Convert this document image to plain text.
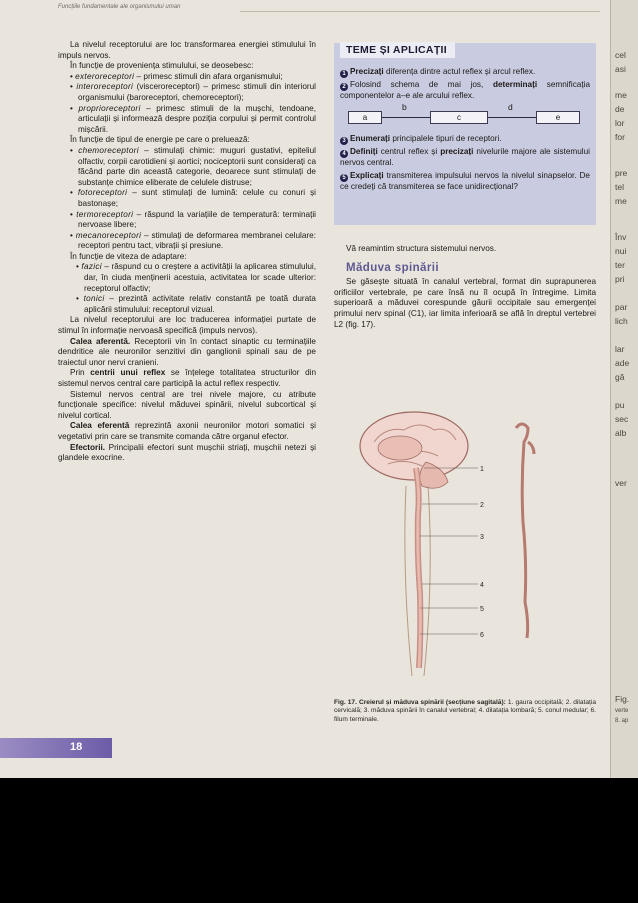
Funcțiile fundamentale ale organismului uman

La nivelul receptorului are loc transformarea energiei stimulului în impuls nervos.

În funcție de proveniența stimulului, se deosebesc:

• exteroreceptori – primesc stimuli din afara organismului;

• interoreceptori (visceroreceptori) – primesc stimuli din interiorul organismului (baroreceptori, chemoreceptori);

• proprioreceptori – primesc stimuli de la mușchi, tendoane, articulații și informează despre poziția corpului și permit controlul mișcării.

În funcție de tipul de energie pe care o preluează:

• chemoreceptori – stimulați chimic: muguri gustativi, epiteliul olfactiv, corpii carotidieni și aortici; nociceptorii sunt considerați ca făcând parte din această categorie, deoarece sunt stimulați de substanțe chimice eliberate de celulele distruse;

• fotoreceptori – sunt stimulați de lumină: celule cu conuri și bastonașe;

• termoreceptori – răspund la variațiile de temperatură: terminații nervoase libere;

• mecanoreceptori – stimulați de deformarea membranei celulare: receptori pentru tact, vibrații și presiune.

În funcție de viteza de adaptare:

• fazici – răspund cu o creștere a activității la aplicarea stimulului, dar, în ciuda menținerii acestuia, activitatea lor scade ulterior: receptorul olfactiv;

• tonici – prezintă activitate relativ constantă pe toată durata aplicării stimulului: receptorul vizual.

La nivelul receptorului are loc traducerea informației purtate de stimul în informație nervoasă specifică (impuls nervos).

Calea aferentă. Receptorii vin în contact sinaptic cu terminațiile dendritice ale neuronilor senzitivi din ganglionii spinali sau de pe traiectul unor nervi cranieni.

Prin centrii unui reflex se înțelege totalitatea structurilor din sistemul nervos central care participă la actul reflex respectiv.

Sistemul nervos central are trei nivele majore, cu atribute funcționale specifice: nivelul măduvei spinării, nivelul subcortical și nivelul cortical.

Calea eferentă reprezintă axonii neuronilor motori somatici și vegetativi prin care se transmite comanda către organul efector.

Efectorii. Principalii efectori sunt mușchii striați, mușchii netezi și glandele exocrine.

TEME ȘI APLICAȚII

1 Precizați diferența dintre actul reflex și arcul reflex.

2 Folosind schema de mai jos, determinați semnificația componentelor a–e ale arcului reflex.

a
b
c
d
e

3 Enumerați principalele tipuri de receptori.

4 Definiți centrul reflex și precizați nivelurile majore ale sistemului nervos central.

5 Explicați transmiterea impulsului nervos la nivelul sinapselor. De ce credeți că transmiterea se face unidirecțional?

Vă reamintim structura sistemului nervos.

Măduva spinării

Se găsește situată în canalul vertebral, format din suprapunerea orificiilor vertebrale, pe care însă nu îl ocupă în întregime. Limita superioară a măduvei corespunde găurii occipitale sau emergenței primului nerv spinal (C1), iar limita inferioară se află în dreptul vertebrei L2 (fig. 17).

1
2
3
4
5
6
Fig. 17. Creierul și măduva spinării (secțiune sagitală): 1. gaura occipitală; 2. dilatația cervicală; 3. măduva spinării în canalul vertebral; 4. dilatația lombară; 5. conul medular; 6. filum terminale.
18
cel
asi
me
de
lor
for
pre
tel
me
Înv
nui
ter
pri
par
lich
lar
ade
gă
pu
sec
alb
ver
Fig.
verte
8. ap
